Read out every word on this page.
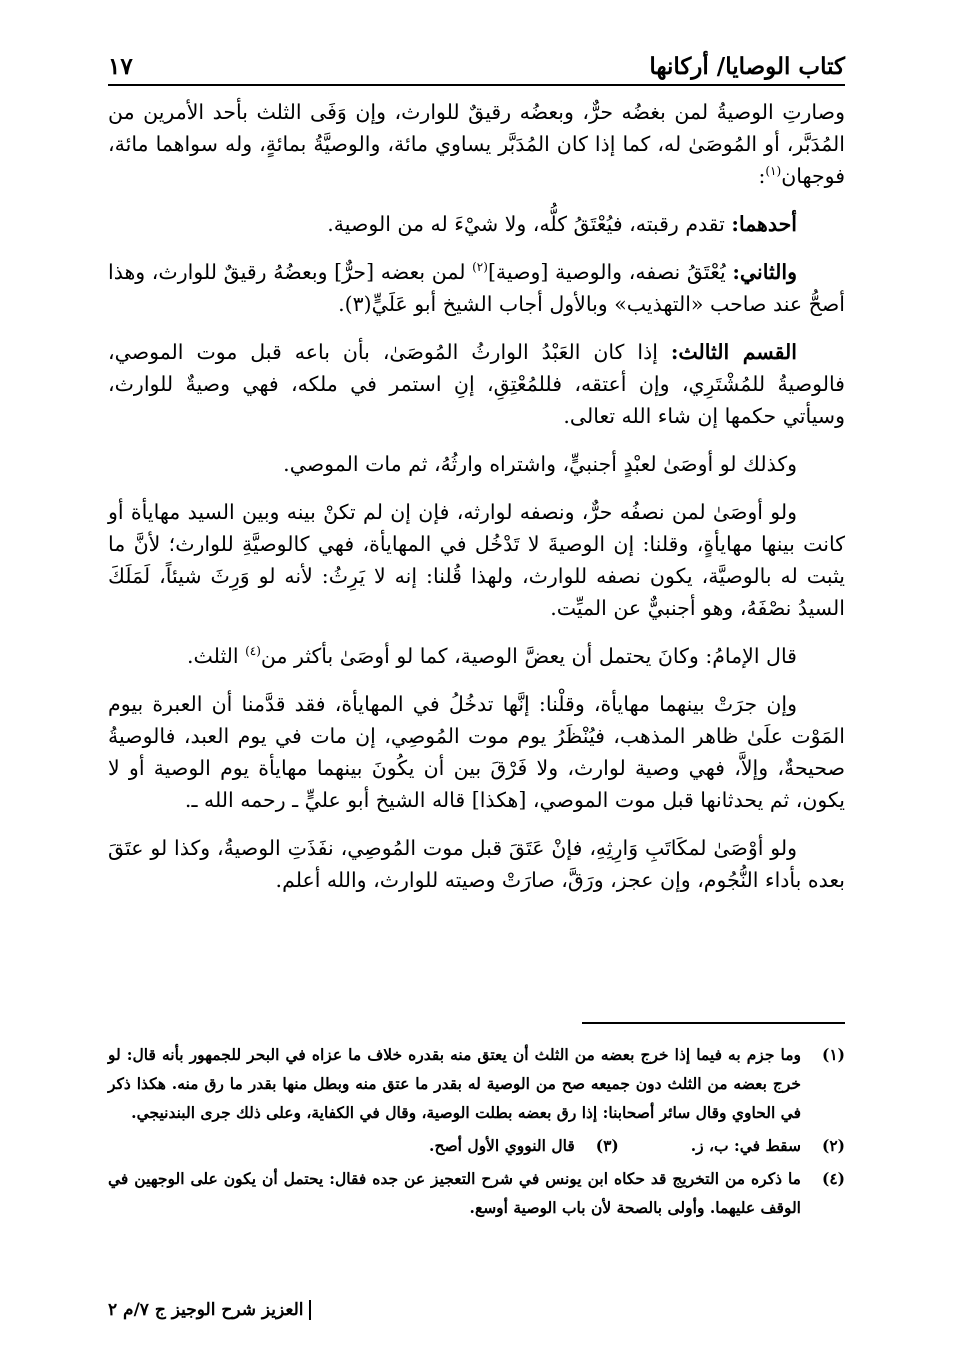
كتاب الوصايا/ أركانها
١٧

وصارتِ الوصيةُ لمن بغضُه حرٌّ، وبعضُه رقيقٌ للوارث، وإن وَفَى الثلث بأحد الأمرين من المُدَبَّر، أو المُوصَىٰ له، كما إذا كان المُدَبَّر يساوي مائة، والوصيَّةُ بمائةٍ، وله سواهما مائة، فوجهان$^{(١)}$:

أحدهما: تقدم رقبته، فيُعْتَقُ كلُّه، ولا شيْءَ له من الوصية.

والثاني: يُعْتَقُ نصفه، والوصية [وصية]$^{(٢)}$ لمن بعضه [حرٌّ] وبعضُهُ رقيقٌ للوارث، وهذا أصحُّ عند صاحب «التهذيب» وبالأول أجاب الشيخ أبو عَلَيٍّ(٣).

القسم الثالث: إذا كان العَبْدُ الوارثُ المُوصَىٰ، بأن باعه قبل موت الموصي، فالوصيةُ للمُشْتَرِي، وإن أعتقه، فللمُعْتِقِ، إنِ استمر في ملكه، فهي وصيةٌ للوارث، وسيأتي حكمها إن شاء الله تعالى.

وكذلك لو أوصَىٰ لعبْدٍ أجنبيٍّ، واشتراه وارثُهُ، ثم مات الموصي.

ولو أوصَىٰ لمن نصفُه حرٌّ، ونصفه لوارثه، فإن إن لم تكنْ بينه وبين السيد مهايأة أو كانت بينها مهايأةٍ، وقلنا: إن الوصيةَ لا تَدْخُل في المهايأة، فهي كالوصيَّةِ للوارث؛ لأنَّ ما يثبت له بالوصيَّة، يكون نصفه للوارث، ولهذا قُلنا: إنه لا يَرِثُ: لأنه لو وَرِثَ شيئاً، لَمَلَكَ السيدُ نصْفَهُ، وهو أجنبيٌّ عن الميِّت.

قال الإمامُ: وكانَ يحتمل أن يعضَّ الوصية، كما لو أوصَىٰ بأكثر من$^{(٤)}$ الثلث.

وإن جرَتْ بينهما مهايأة، وقلْنا: إنَّها تدخُلُ في المهايأة، فقد قدَّمنا أن العبرة بيوم المَوْت علَىٰ ظاهر المذهب، فيُنْظَرُ يوم موت المُوصِي، إن مات في يوم العبد، فالوصيةُ صحيحةٌ، وإلاَّ، فهي وصية لوارث، ولا فَرْقَ بين أن يكُونَ بينهما مهايأة يوم الوصية أو لا يكون، ثم يحدثانها قبل موت الموصي، [هكذا] قاله الشيخ أبو عليٍّ ـ رحمه الله ـ.

ولو أوْصَىٰ لمكَاتَبِ وَارِثِهِ، فإنْ عَتَقَ قبل موت المُوصِي، نفَذَتِ الوصيةُ، وكذا لو عتَقَ بعده بأداء النُّجُوم، وإن عجز، ورَقَّ، صارَتْ وصيته للوارث، والله أعلم.

(١)
وما جزم به فيما إذا خرج بعضه من الثلث أن يعتق منه بقدره خلاف ما عزاه في البحر للجمهور بأنه قال: لو خرج بعضه من الثلث دون جميعه صح من الوصية له بقدر ما عتق منه وبطل منها بقدر ما رق منه. هكذا ذكر في الحاوي وقال سائر أصحابنا: إذا رق بعضه بطلت الوصية، وقال في الكفاية، وعلى ذلك جرى البندنيجي.
(٢)
سقط في: ب، ز.
(٣)
قال النووي الأول أصح.
(٤)
ما ذكره من التخريج قد حكاه ابن يونس في شرح التعجيز عن جده فقال: يحتمل أن يكون على الوجهين في الوقف عليهما. وأولى بالصحة لأن باب الوصية أوسع.
العزيز شرح الوجيز ج ٧/م ٢
